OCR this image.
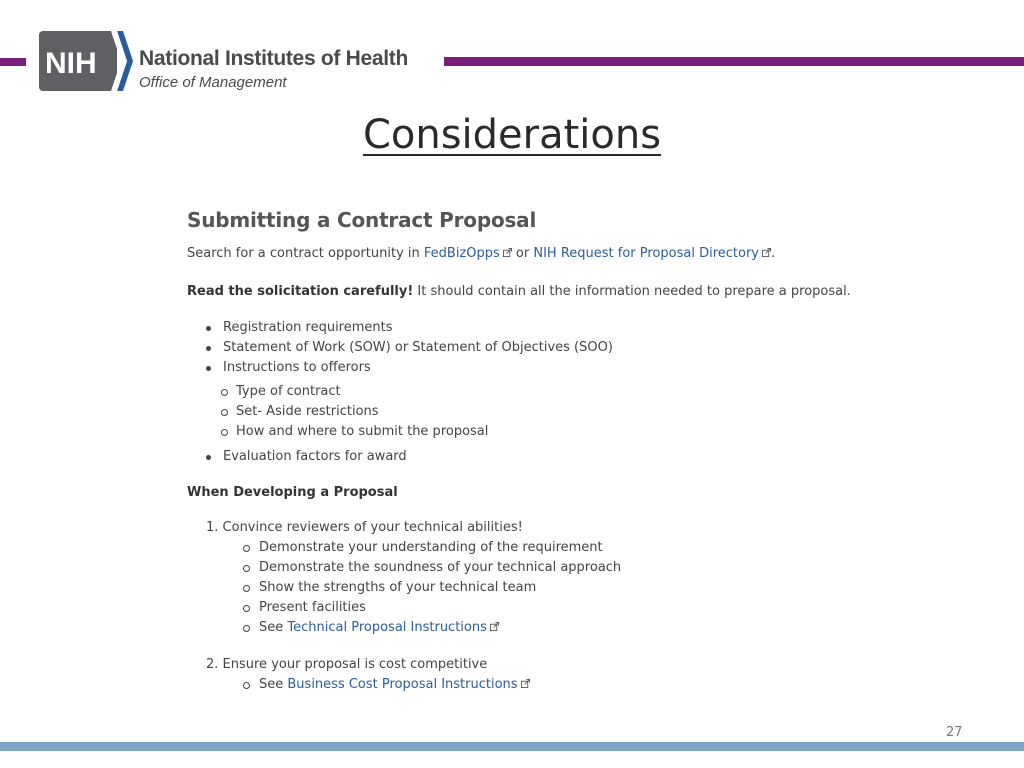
NIH National Institutes of Health
Office of Management
Considerations
Submitting a Contract Proposal
Search for a contract opportunity in FedBizOpps or NIH Request for Proposal Directory .
Read the solicitation carefully! It should contain all the information needed to prepare a proposal.
Registration requirements
Statement of Work (SOW) or Statement of Objectives (SOO)
Instructions to offerors
Type of contract
Set- Aside restrictions
How and where to submit the proposal
Evaluation factors for award
When Developing a Proposal
1. Convince reviewers of your technical abilities!
Demonstrate your understanding of the requirement
Demonstrate the soundness of your technical approach
Show the strengths of your technical team
Present facilities
See Technical Proposal Instructions
2. Ensure your proposal is cost competitive
See Business Cost Proposal Instructions
27
